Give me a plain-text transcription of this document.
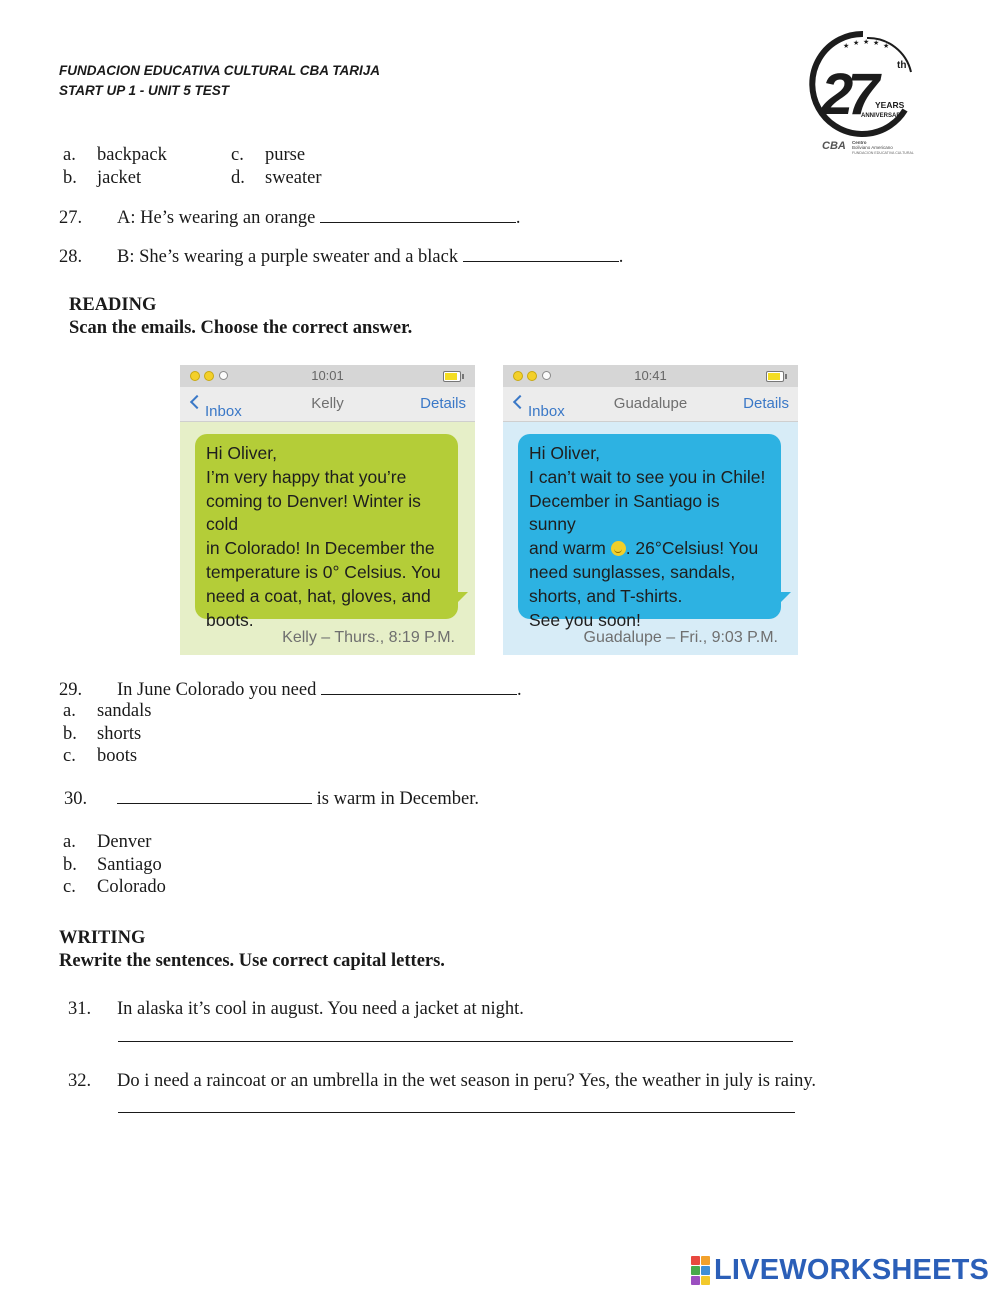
FUNDACION EDUCATIVA CULTURAL CBA TARIJA
START UP 1 - UNIT 5 TEST
★ ★ ★ ★ ★
27	th
YEARS
ANNIVERSARY
CBA Centro
Boliviano Americano
FUNDACION EDUCATIVA CULTURAL
a. backpack	c. purse
b. jacket	d. sweater
27. A: He’s wearing an orange	.
28. B: She’s wearing a purple sweater and a black	.
READING
Scan the emails. Choose the correct answer.
10:01
Inbox	Kelly	Details
Hi Oliver,
I’m very happy that you’re
coming to Denver! Winter is cold
in Colorado! In December the
temperature is 0° Celsius. You
need a coat, hat, gloves, and
boots.
Kelly – Thurs., 8:19 P.M.
10:41
Inbox	Guadalupe	Details
Hi Oliver,
I can’t wait to see you in Chile!
December in Santiago is sunny
and warm . 26°Celsius! You
need sunglasses, sandals,
shorts, and T-shirts.
See you soon!
Guadalupe – Fri., 9:03 P.M.
29. In June Colorado you need	.
a. sandals
b. shorts
c. boots
30.	is warm in December.
a. Denver
b. Santiago
c. Colorado
WRITING
Rewrite the sentences. Use correct capital letters.
31. In alaska it’s cool in august. You need a jacket at night.
32. Do i need a raincoat or an umbrella in the wet season in peru? Yes, the weather in july is rainy.
LIVEWORKSHEETS
